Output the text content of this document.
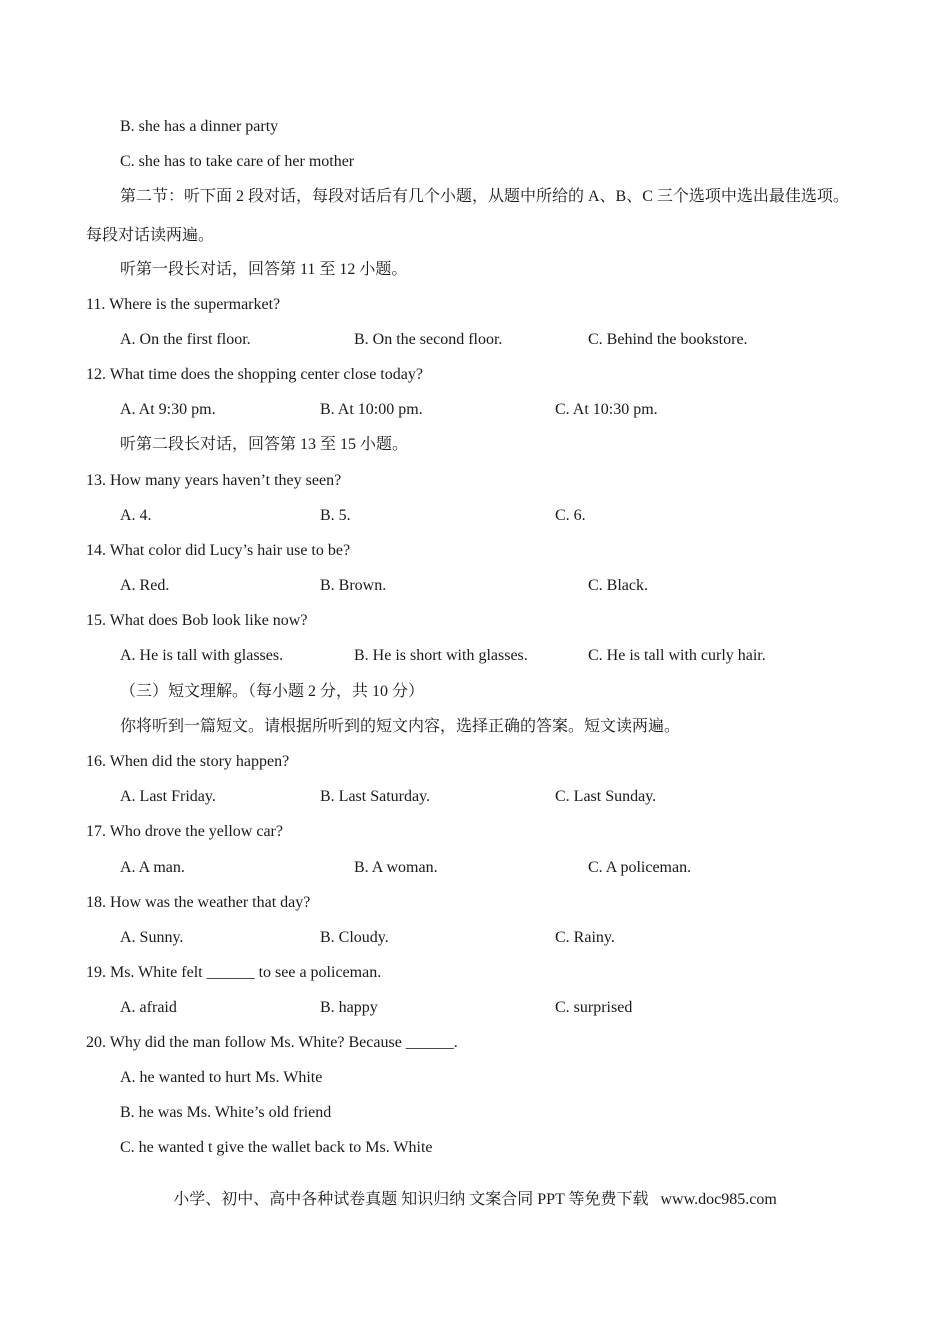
B. she has a dinner party
C. she has to take care of her mother
第二节：听下面 2 段对话，每段对话后有几个小题，从题中所给的 A、B、C 三个选项中选出最佳选项。
每段对话读两遍。
听第一段长对话，回答第 11 至 12 小题。
11. Where is the supermarket?
A. On the first floor.	B. On the second floor.	C. Behind the bookstore.
12. What time does the shopping center close today?
A. At 9:30 pm.	B. At 10:00 pm.	C. At 10:30 pm.
听第二段长对话，回答第 13 至 15 小题。
13. How many years haven’t they seen?
A. 4.	B. 5.	C. 6.
14. What color did Lucy’s hair use to be?
A. Red.	B. Brown.	C. Black.
15. What does Bob look like now?
A. He is tall with glasses.	B. He is short with glasses.	C. He is tall with curly hair.
（三）短文理解。（每小题 2 分，共 10 分）
你将听到一篇短文。请根据所听到的短文内容，选择正确的答案。短文读两遍。
16. When did the story happen?
A. Last Friday.	B. Last Saturday.	C. Last Sunday.
17. Who drove the yellow car?
A. A man.	B. A woman.	C. A policeman.
18. How was the weather that day?
A. Sunny.	B. Cloudy.	C. Rainy.
19. Ms. White felt ______ to see a policeman.
A. afraid	B. happy	C. surprised
20. Why did the man follow Ms. White? Because ______.
A. he wanted to hurt Ms. White
B. he was Ms. White’s old friend
C. he wanted t give the wallet back to Ms. White
小学、初中、高中各种试卷真题 知识归纳 文案合同 PPT 等免费下载 www.doc985.com
